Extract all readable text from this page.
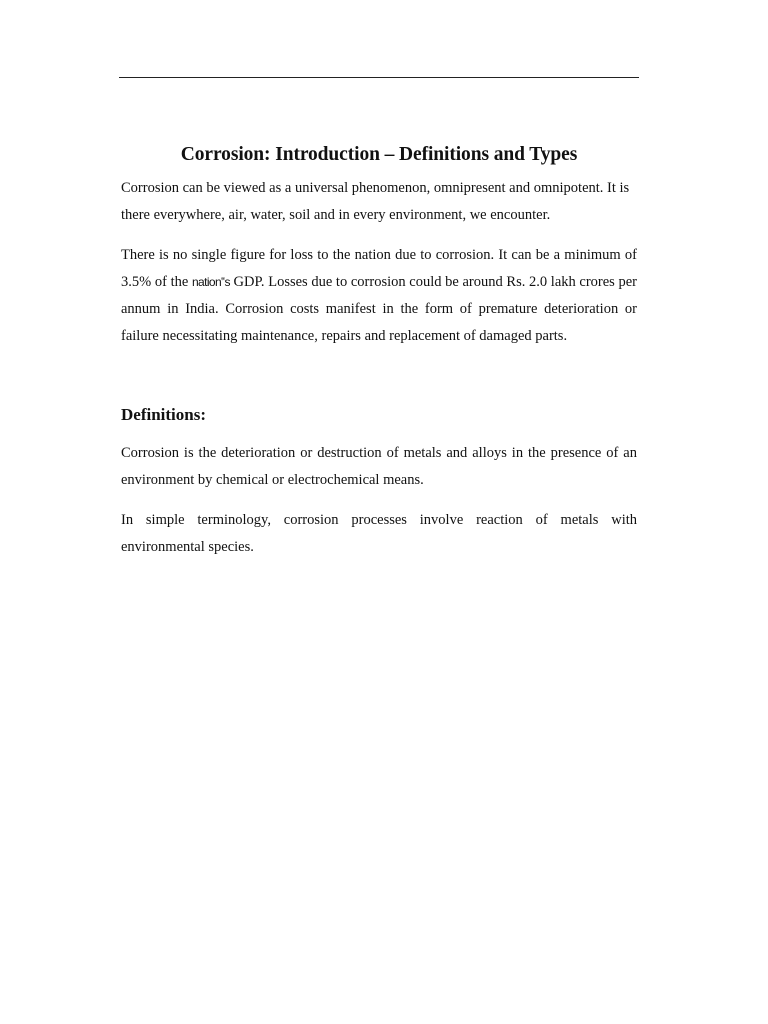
Corrosion: Introduction – Definitions and Types

Corrosion can be viewed as a universal phenomenon, omnipresent and omnipotent. It is there everywhere, air, water, soil and in every environment, we encounter.

There is no single figure for loss to the nation due to corrosion. It can be a minimum of 3.5% of the nation‟s GDP. Losses due to corrosion could be around Rs. 2.0 lakh crores per annum in India. Corrosion costs manifest in the form of premature deterioration or failure necessitating maintenance, repairs and replacement of damaged parts.

Definitions:

Corrosion is the deterioration or destruction of metals and alloys in the presence of an environment by chemical or electrochemical means.

In simple terminology, corrosion processes involve reaction of metals with environmental species.
